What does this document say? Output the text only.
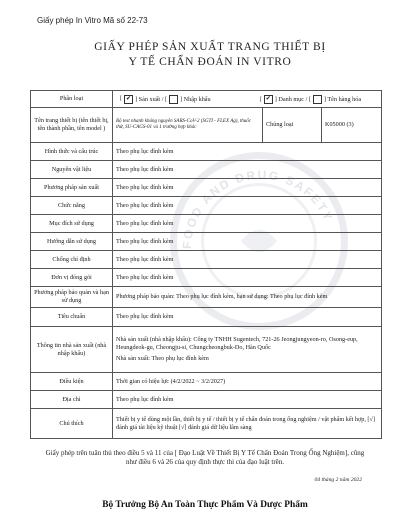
FOOD AND DRUG SAFETY
Giấy phép In Vitro Mã số 22-73
GIẤY PHÉP SẢN XUẤT TRANG THIẾT BỊ
Y TẾ CHẨN ĐOÁN IN VITRO
Phân loại	[ ✔ ] Sản xuất / [ ] Nhập khẩu [ ✔ ] Danh mục / [ ] Tên hàng hóa		
Tên trang thiết bị (tên thiết bị, tên thành phần, tên model )	Bộ test nhanh kháng nguyên SARS-CoV-2 (SGTI - FLEX Ag), thuốc thử, SU-CAGS-01 và 1 trường hợp khác	Chủng loại	K05000 (3)
Hình thức và cấu trúc	Theo phụ lục đính kèm		
Nguyên vật liệu	Theo phụ lục đính kèm		
Phương pháp sản xuất	Theo phụ lục đính kèm		
Chức năng	Theo phụ lục đính kèm		
Mục đích sử dụng	Theo phụ lục đính kèm		
Hướng dẫn sử dụng	Theo phụ lục đính kèm		
Chống chỉ định	Theo phụ lục đính kèm		
Đơn vị đóng gói	Theo phụ lục đính kèm		
Phương pháp bảo quản và hạn sử dụng	Phương pháp bảo quản: Theo phụ lục đính kèm, hạn sử dụng: Theo phụ lục đính kèm		
Tiêu chuẩn	Theo phụ lục đính kèm		
Thông tin nhà sản xuất (nhà nhập khẩu)	Nhà sản xuất (nhà nhập khẩu): Công ty TNHH Sugentech, 721-26 Jeongjungyeon-ro, Osong-eup, Heungdeok-gu, Cheongju-si, Chungcheongbuk-Do, Hàn Quốc
Nhà sản xuất: Theo phụ lục đính kèm		

Điều kiện	Thời gian có hiệu lực (4/2/2022 ~ 3/2/2027)		
Địa chỉ	Theo phụ lục đính kèm		
Chú thích	Thiết bị y tế dùng một lần, thiết bị y tế / thiết bị y tế chẩn đoán trong ống nghiệm / vật phẩm kết hợp, [√] đánh giá tài liệu kỹ thuật [√] đánh giá dữ liệu lâm sàng		
Giấy phép trên tuân thủ theo điều 5 và 11 của [ Đạo Luật Về Thiết Bị Y Tế Chẩn Đoán Trong Ống Nghiệm], cũng như điều 6 và 26 của quy định thực thi của đạo luật trên.
04 tháng 2 năm 2022
Bộ Trưởng Bộ An Toàn Thực Phẩm Và Dược Phẩm
